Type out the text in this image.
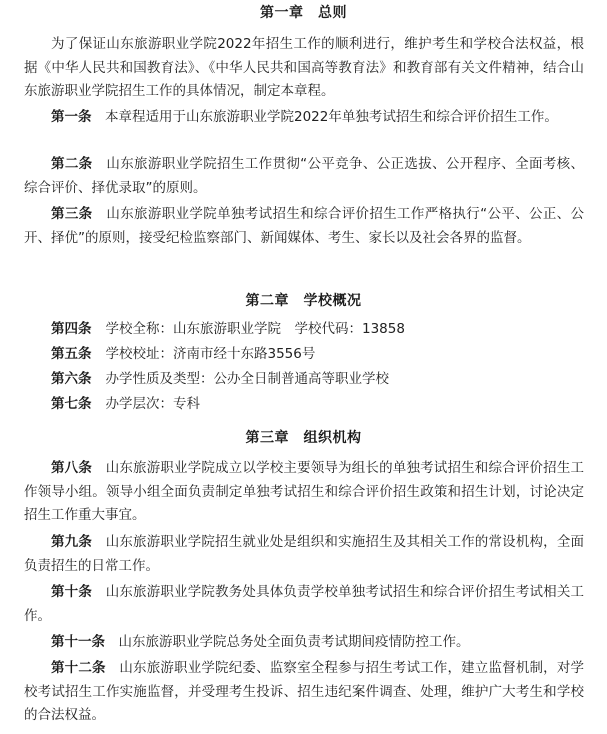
第一章　总则
为了保证山东旅游职业学院2022年招生工作的顺利进行，维护考生和学校合法权益，根据《中华人民共和国教育法》、《中华人民共和国高等教育法》和教育部有关文件精神，结合山东旅游职业学院招生工作的具体情况，制定本章程。
第一条　 本章程适用于山东旅游职业学院2022年单独考试招生和综合评价招生工作。
第二条　 山东旅游职业学院招生工作贯彻“公平竞争、公正选拔、公开程序、全面考核、综合评价、择优录取”的原则。
第三条　 山东旅游职业学院单独考试招生和综合评价招生工作严格执行“公平、公正、公开、择优”的原则，接受纪检监察部门、新闻媒体、考生、家长以及社会各界的监督。
第二章　学校概况
第四条 学校全称：山东旅游职业学院　学校代码：13858
第五条 学校校址：济南市经十东路3556号
第六条 办学性质及类型：公办全日制普通高等职业学校
第七条 办学层次：专科
第三章　组织机构
第八条　 山东旅游职业学院成立以学校主要领导为组长的单独考试招生和综合评价招生工作领导小组。领导小组全面负责制定单独考试招生和综合评价招生政策和招生计划，讨论决定招生工作重大事宜。
第九条　 山东旅游职业学院招生就业处是组织和实施招生及其相关工作的常设机构，全面负责招生的日常工作。
第十条　 山东旅游职业学院教务处具体负责学校单独考试招生和综合评价招生考试相关工作。
第十一条　 山东旅游职业学院总务处全面负责考试期间疫情防控工作。
第十二条　 山东旅游职业学院纪委、监察室全程参与招生考试工作，建立监督机制，对学校考试招生工作实施监督，并受理考生投诉、招生违纪案件调查、处理，维护广大考生和学校的合法权益。
